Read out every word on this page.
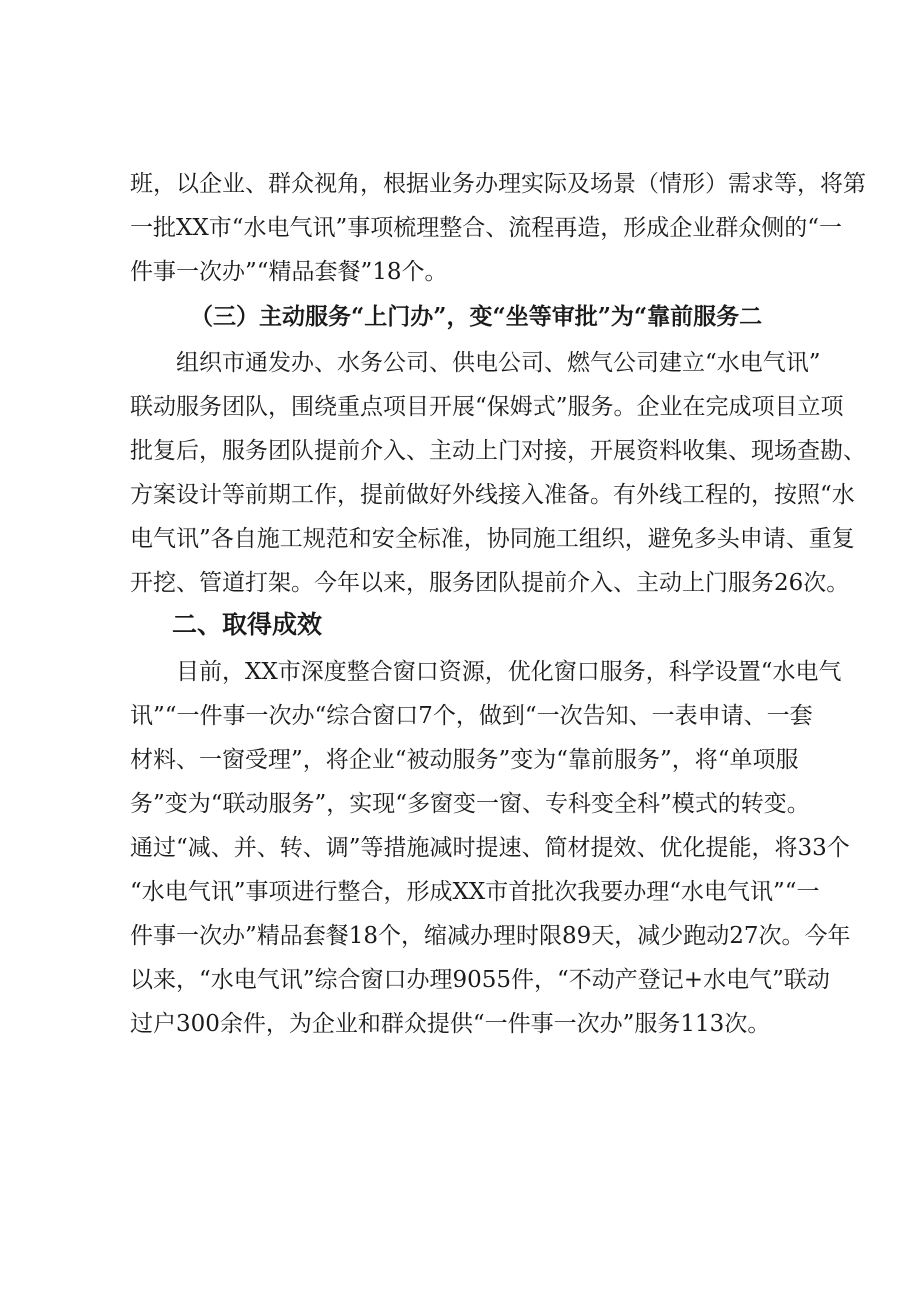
班，以企业、群众视角，根据业务办理实际及场景（情形）需求等，将第

一批XX市“水电气讯”事项梳理整合、流程再造，形成企业群众侧的“一

件事一次办”“精品套餐”18个。

（三）主动服务“上门办”，变“坐等审批”为“靠前服务二

组织市通发办、水务公司、供电公司、燃气公司建立“水电气讯”

联动服务团队，围绕重点项目开展“保姆式”服务。企业在完成项目立项

批复后，服务团队提前介入、主动上门对接，开展资料收集、现场查勘、

方案设计等前期工作，提前做好外线接入准备。有外线工程的，按照“水

电气讯”各自施工规范和安全标准，协同施工组织，避免多头申请、重复

开挖、管道打架。今年以来，服务团队提前介入、主动上门服务26次。

二、取得成效

目前，XX市深度整合窗口资源，优化窗口服务，科学设置“水电气

讯”“一件事一次办“综合窗口7个，做到“一次告知、一表申请、一套

材料、一窗受理”，将企业“被动服务”变为“靠前服务”，将“单项服

务”变为“联动服务”，实现“多窗变一窗、专科变全科”模式的转变。

通过“减、并、转、调”等措施减时提速、简材提效、优化提能，将33个

“水电气讯”事项进行整合，形成XX市首批次我要办理“水电气讯”“一

件事一次办”精品套餐18个，缩减办理时限89天，减少跑动27次。今年

以来，“水电气讯”综合窗口办理9055件，“不动产登记+水电气”联动

过户300余件，为企业和群众提供“一件事一次办”服务113次。
